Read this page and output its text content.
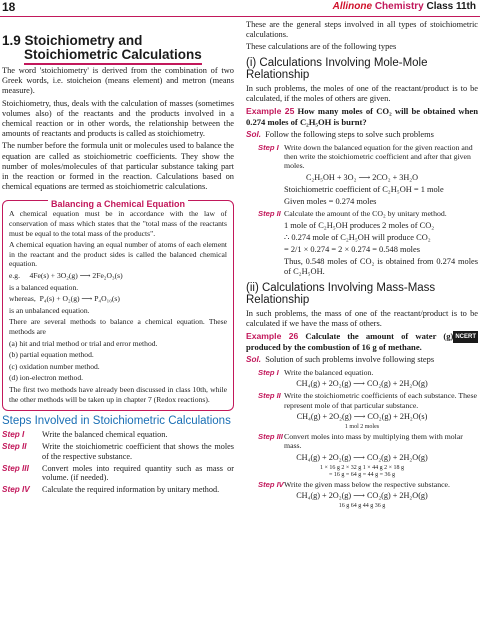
18	Allinone Chemistry Class 11th
1.9 Stoichiometry and
Stoichiometric Calculations

The word 'stoichiometry' is derived from the combination of two Greek words, i.e. stoicheion (means element) and metron (means measure).

Stoichiometry, thus, deals with the calculation of masses (sometimes volumes also) of the reactants and the products involved in a chemical reaction or in other words, the relationship between the amounts of reactants and products is called as stoichiometry.

The number before the formula unit or molecules used to balance the equation are called as stoichiometric coefficients. They show the number of moles/molecules of that particular substance taking part in the reaction or formed in the reaction. Calculations based on chemical equations are termed as stoichiometric calculations.

Balancing a Chemical Equation

A chemical equation must be in accordance with the law of conservation of mass which states that the "total mass of the reactants must be equal to the total mass of the products".

A chemical equation having an equal number of atoms of each element in the reactant and the product sides is called the balanced chemical equation.

e.g. 4Fe(s) + 3O₂(g) ⟶ 2Fe₂O₃(s)

is a balanced equation.

whereas, P₄(s) + O₂(g) ⟶ P₄O₁₀(s)

is an unbalanced equation.

There are several methods to balance a chemical equation. These methods are

(a) hit and trial method or trial and error method.

(b) partial equation method.

(c) oxidation number method.

(d) ion-electron method.

The first two methods have already been discussed in class 10th, while the other methods will be taken up in chapter 7 (Redox reactions).

Steps Involved in Stoichiometric Calculations
Step I	Write the balanced chemical equation.
Step II	Write the stoichiometric coefficient that shows the moles of the respective substance.
Step III	Convert moles into required quantity such as mass or volume. (if needed).
Step IV	Calculate the required information by unitary method.

These are the general steps involved in all types of stoichiometric calculations.

These calculations are of the following types

(i) Calculations Involving Mole-Mole Relationship

In such problems, the moles of one of the reactant/product is to be calculated, if the moles of others are given.

Example 25 How many moles of CO₂ will be obtained when 0.274 moles of C₂H₅OH is burnt?

Sol. Follow the following steps to solve such problems

Step I Write down the balanced equation for the given reaction and then write the stoichiometric coefficient and after that given moles.
C₂H₅OH + 3O₂ ⟶ 2CO₂ + 3H₂O

Stoichiometric coefficient of C₂H₅OH = 1 mole

Given moles = 0.274 moles

Step II Calculate the amount of the CO₂ by unitary method.

1 mole of C₂H₅OH produces 2 moles of CO₂

∴ 0.274 mole of C₂H₅OH will produce CO₂

= 2/1 × 0.274 = 2 × 0.274 = 0.548 moles

Thus, 0.548 moles of CO₂ is obtained from 0.274 moles of C₂H₅OH.

(ii) Calculations Involving Mass-Mass Relationship

In such problems, the mass of one of the reactant/product is to be calculated if we have the mass of others.

NCERT
Example 26 Calculate the amount of water (g) produced by the combustion of 16 g of methane.

Sol. Solution of such problems involve following steps

Step I Write the balanced equation.
CH₄(g) + 2O₂(g) ⟶ CO₂(g) + 2H₂O(g)
Step II Write the stoichiometric coefficients of each substance. These represent mole of that particular substance.
CH₄(g) + 2O₂(g) ⟶ CO₂(g) + 2H₂O(s)
1 mol 2 moles
Step III Convert moles into mass by multiplying them with molar mass.
CH₄(g) + 2O₂(g) ⟶ CO₂(g) + 2H₂O(g)
1 × 16 g 2 × 32 g 1 × 44 g 2 × 18 g
= 16 g = 64 g = 44 g = 36 g
Step IV Write the given mass below the respective substance.
CH₄(g) + 2O₂(g) ⟶ CO₂(g) + 2H₂O(g)
16 g 64 g 44 g 36 g
